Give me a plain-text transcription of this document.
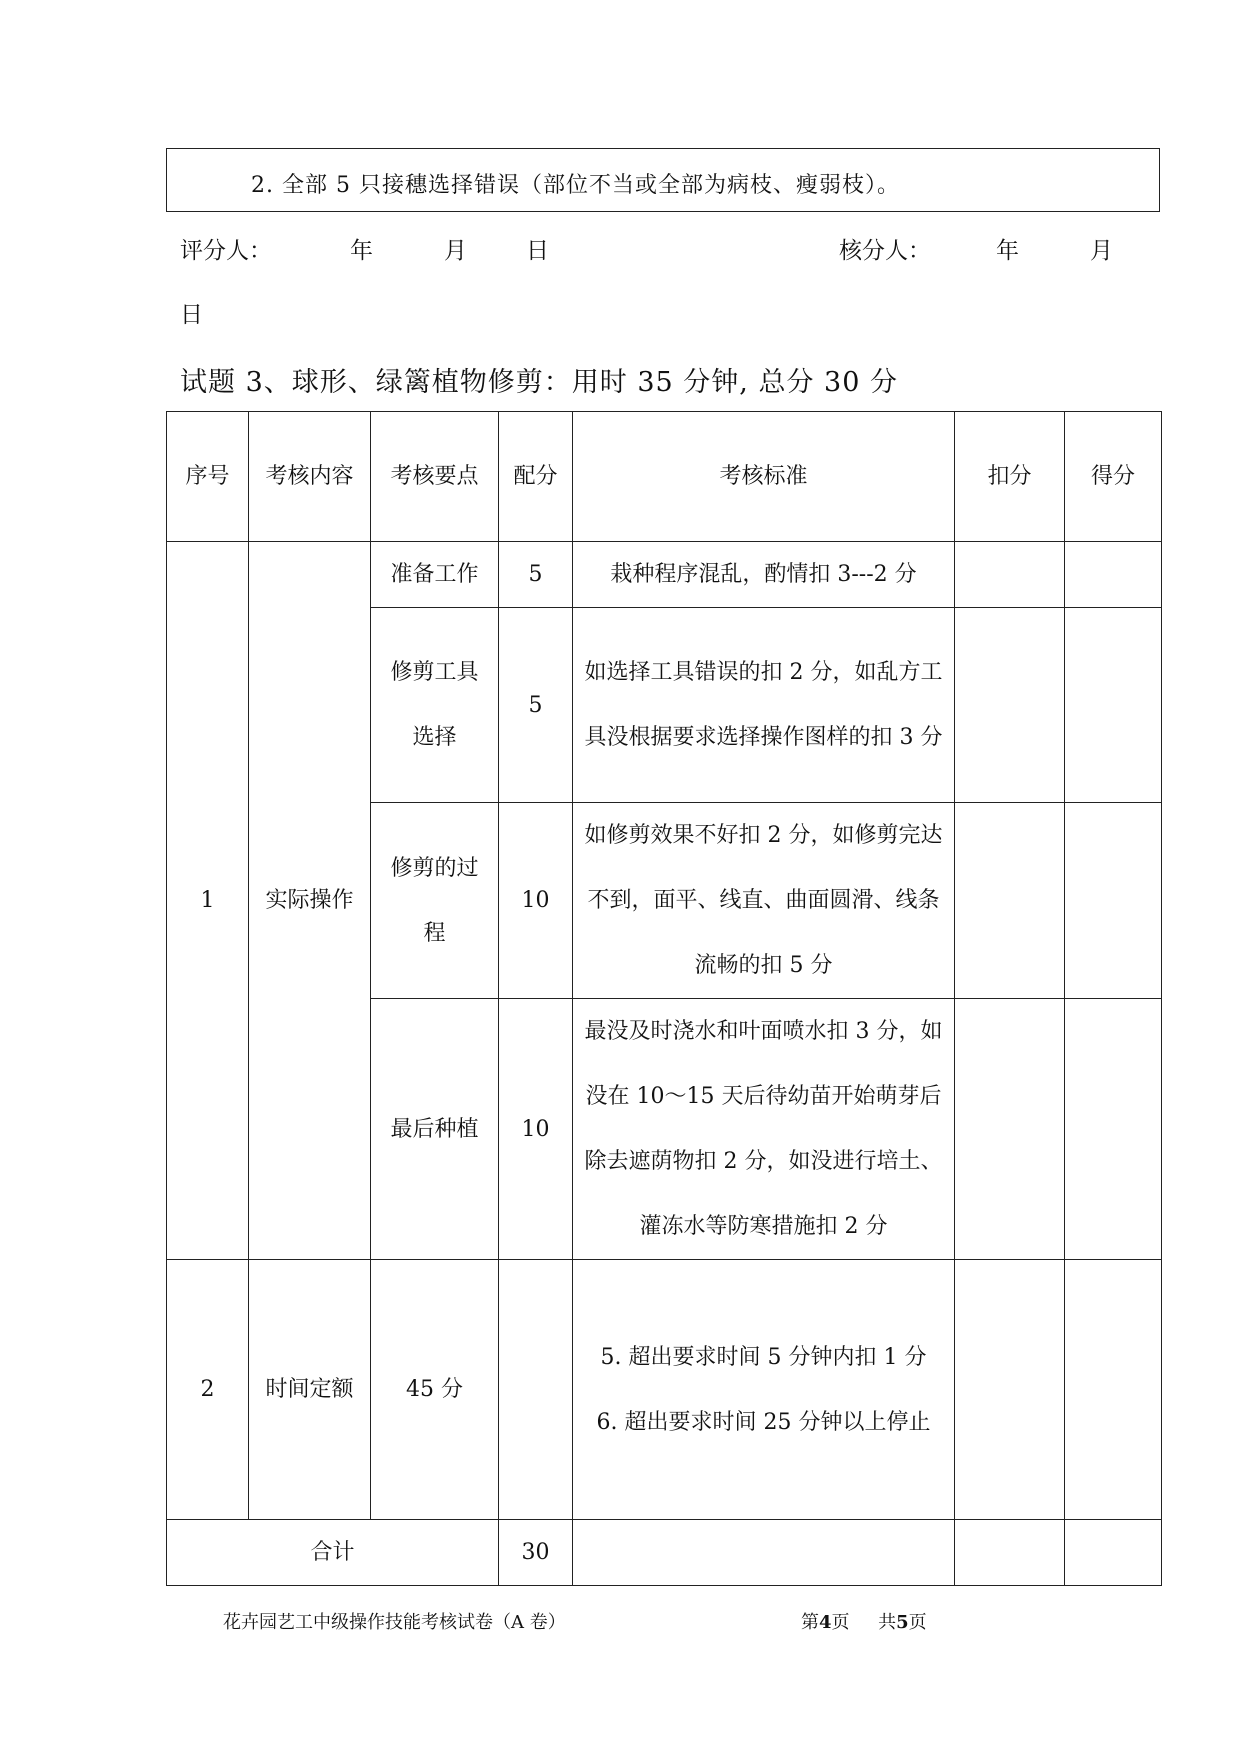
2. 全部 5 只接穗选择错误（部位不当或全部为病枝、瘦弱枝）。
评分人：	年	月	日	核分人：	年	月
日
试题 3、球形、绿篱植物修剪：用时 35 分钟, 总分 30 分
序号	考核内容	考核要点	配分	考核标准	扣分	得分
1	实际操作	准备工作	5	栽种程序混乱，酌情扣 3---2 分		
		修剪工具选择	5	如选择工具错误的扣 2 分，如乱方工具没根据要求选择操作图样的扣 3 分		
		修剪的过程	10	如修剪效果不好扣 2 分，如修剪完达不到，面平、线直、曲面圆滑、线条流畅的扣 5 分		
		最后种植	10	最没及时浇水和叶面喷水扣 3 分，如没在 10～15 天后待幼苗开始萌芽后除去遮荫物扣 2 分，如没进行培土、灌冻水等防寒措施扣 2 分		
2	时间定额	45 分		5. 超出要求时间 5 分钟内扣 1 分
6. 超出要求时间 25 分钟以上停止		

合计			30			
花卉园艺工中级操作技能考核试卷（A 卷）	第4页 共5页
